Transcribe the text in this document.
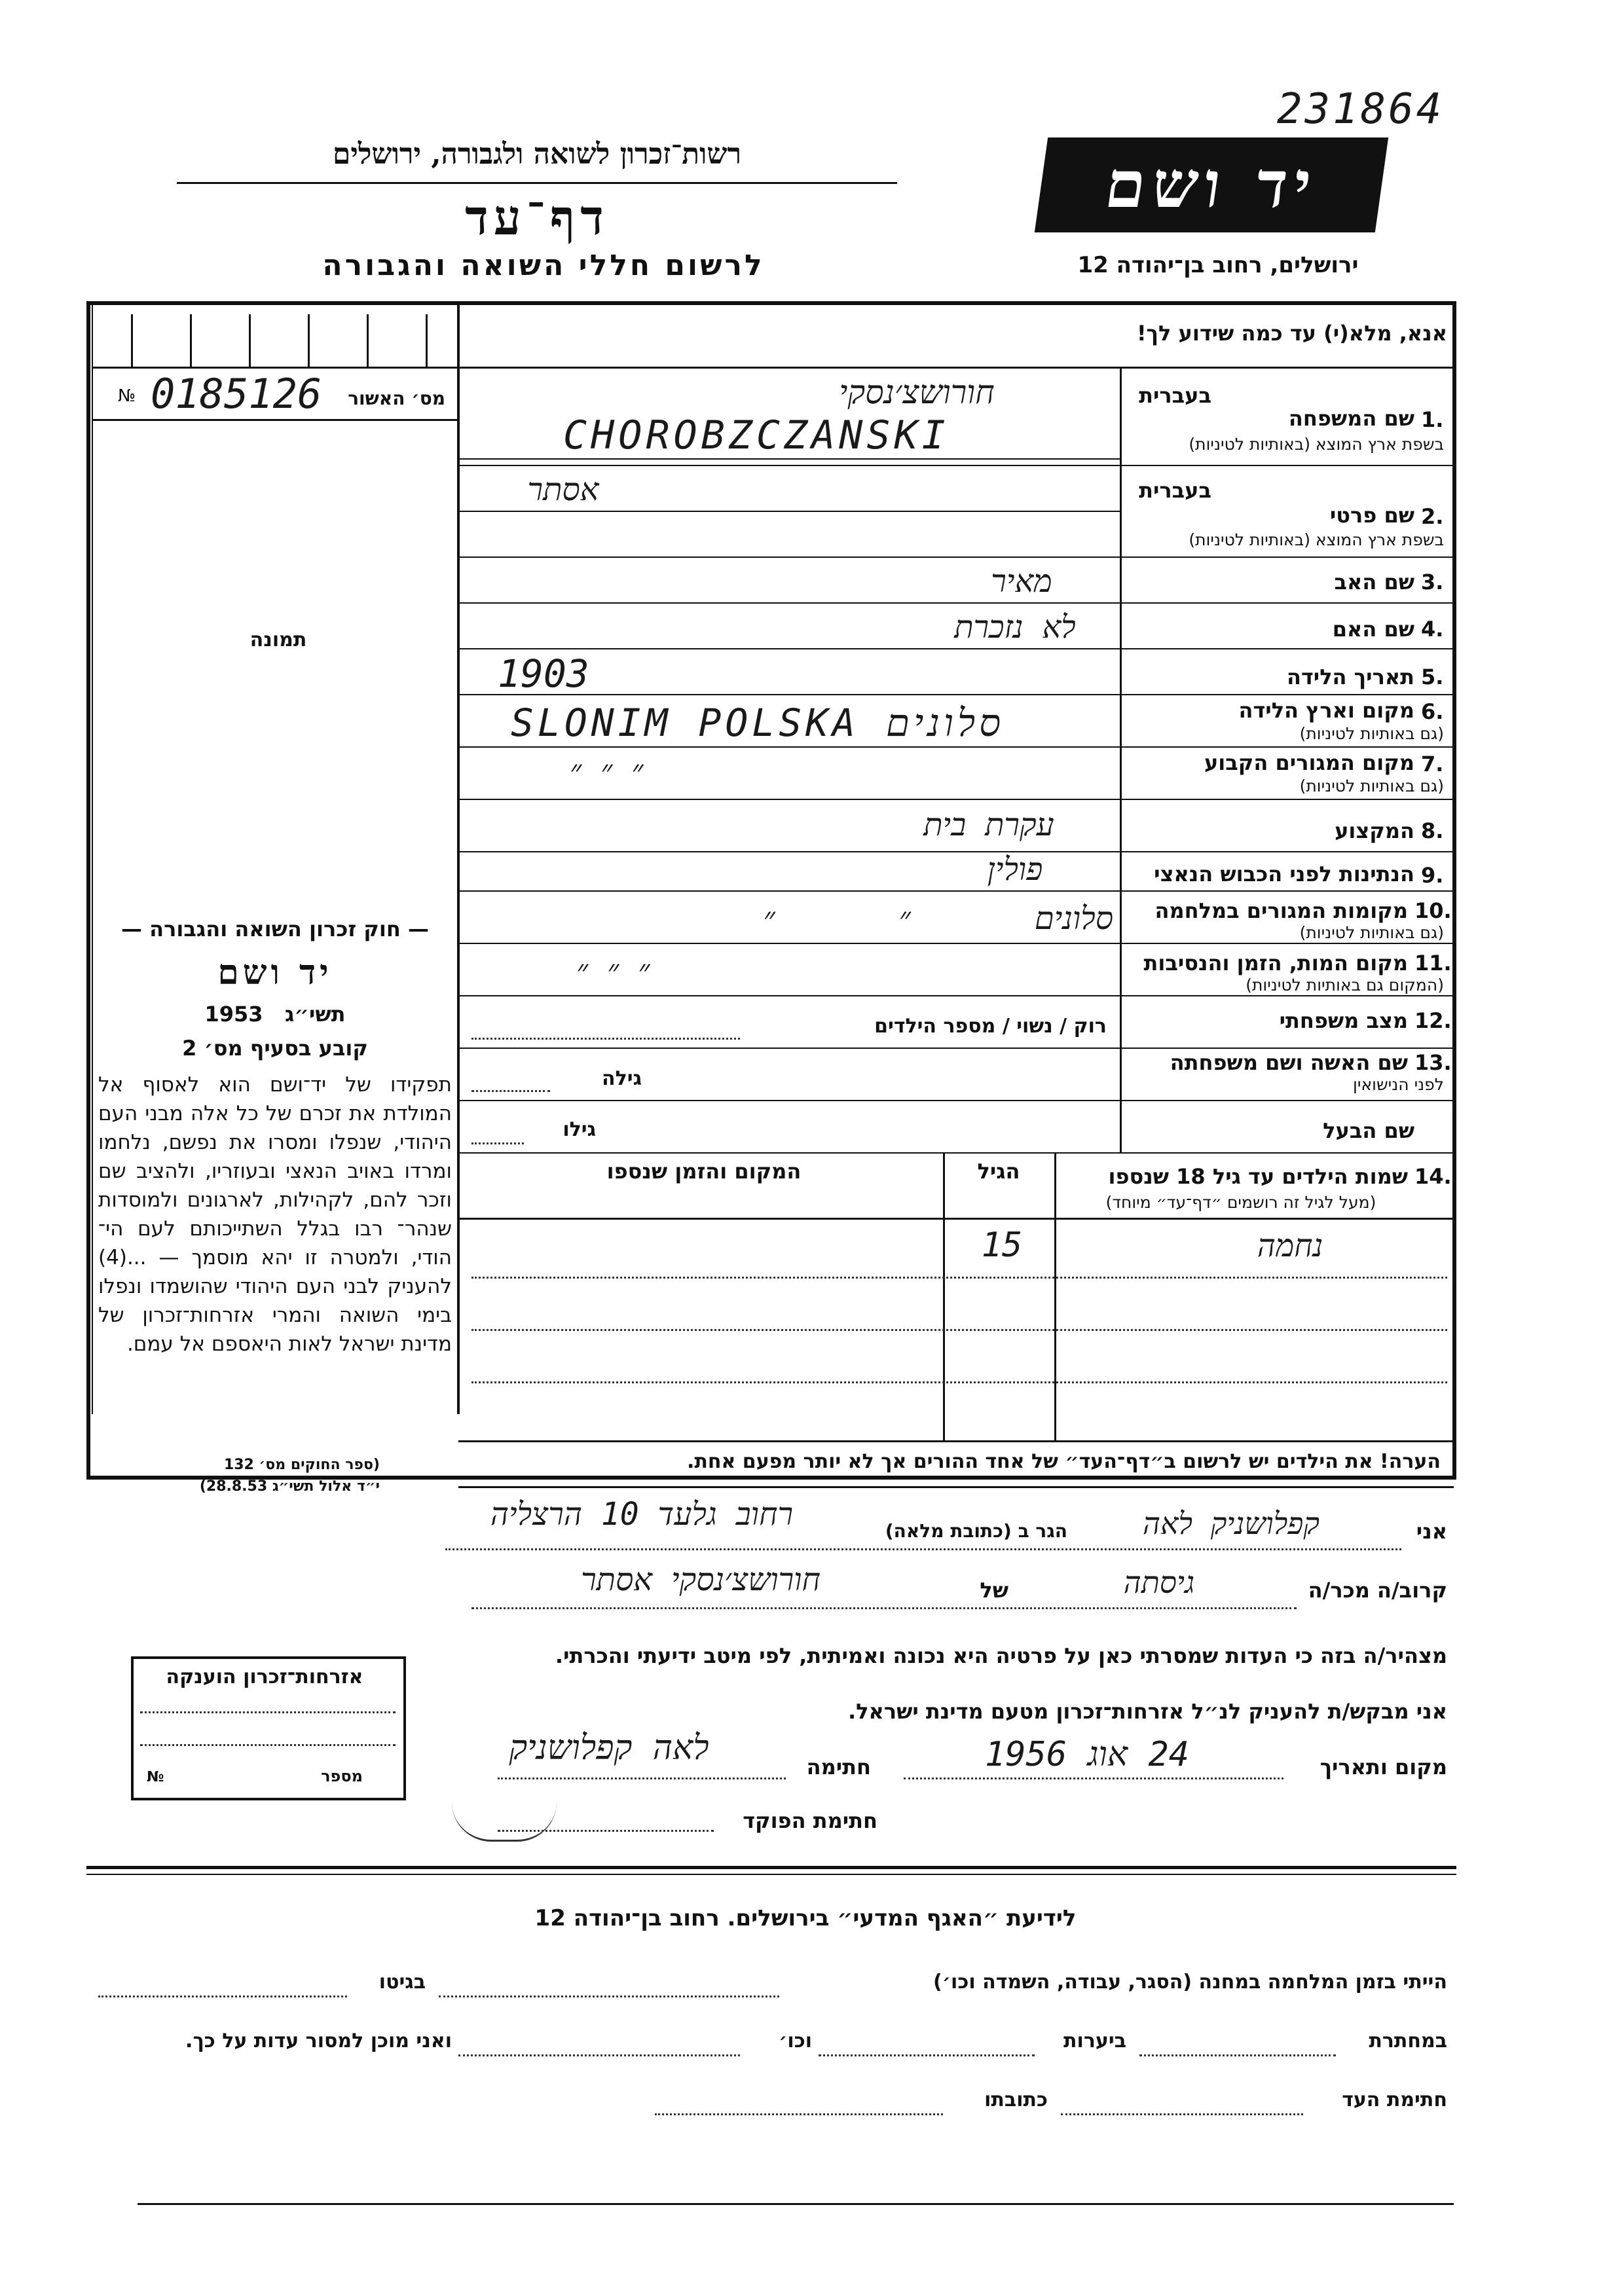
231864
רשות־זכרון לשואה ולגבורה, ירושלים
דף־עד
לרשום חללי השואה והגבורה
יד ושם
ירושלים, רחוב בן־יהודה 12
אנא, מלא(י) עד כמה שידוע לך!
№ 0185126	מס׳ האשור
תמונה
— חוק זכרון השואה והגבורה —
יד ושם
תשי״ג   1953
קובע בסעיף מס׳ 2
תפקידו של יד־ושם הוא לאסוף אל המולדת את זכרם של כל אלה מבני העם היהודי, שנפלו ומסרו את נפשם, נלחמו ומרדו באויב הנאצי ובעוזריו, ולהציב שם וזכר להם, לקהילות, לארגונים ולמוסדות שנהר־ רבו בגלל השתייכותם לעם הי־ הודי, ולמטרה זו יהא מוסמך — ...(4) להעניק לבני העם היהודי שהושמדו ונפלו בימי השואה והמרי אזרחות־זכרון של מדינת ישראל לאות היאספם אל עמם.
(ספר החוקים מס׳ 132
י״ד אלול תשי״ג 28.8.53)
אזרחות־זכרון הוענקה
מספר
№
בעברית
1.
שם המשפחה
בשפת ארץ המוצא (באותיות לטיניות)
חורושצ׳נסקי
CHOROBZCZANSKI
בעברית
2.
שם פרטי
בשפת ארץ המוצא (באותיות לטיניות)
אסתר
3.
שם האב
מאיר
4.
שם האם
לא נזכרת
5.
תאריך הלידה
1903
6.
מקום וארץ הלידה
(גם באותיות לטיניות)
SLONIM POLSKA סלונים
7.
מקום המגורים הקבוע
(גם באותיות לטיניות)
״ ״ ״
8.
המקצוע
עקרת בית
9.
הנתינות לפני הכבוש הנאצי
פולין
10.
מקומות המגורים במלחמה
(גם באותיות לטיניות)
סלונים ״ ״
11.
מקום המות, הזמן והנסיבות
(המקום גם באותיות לטיניות)
״ ״ ״
12.
מצב משפחתי
רוק / נשוי / מספר הילדים
13.
שם האשה ושם משפחתה
לפני הנישואין
גילה
שם הבעל
גילו
14.
שמות הילדים עד גיל 18 שנספו
(מעל לגיל זה רושמים ״דף־עד״ מיוחד)
הגיל
המקום והזמן שנספו
נחמה
15
הערה! את הילדים יש לרשום ב״דף־העד״ של אחד ההורים אך לא יותר מפעם אחת.
אני
קפלושניק לאה
הגר ב (כתובת מלאה)
רחוב גלעד 10 הרצליה
קרוב/ה מכר/ה
גיסתה
של
חורושצ׳נסקי אסתר
מצהיר/ה בזה כי העדות שמסרתי כאן על פרטיה היא נכונה ואמיתית, לפי מיטב ידיעתי והכרתי.
אני מבקש/ת להעניק לנ״ל אזרחות־זכרון מטעם מדינת ישראל.
מקום ותאריך
24 אוג 1956
חתימה
לאה קפלושניק
חתימת הפוקד
לידיעת ״האגף המדעי״ בירושלים. רחוב בן־יהודה 12
הייתי בזמן המלחמה במחנה (הסגר, עבודה, השמדה וכו׳)
בגיטו
במחתרת
ביערות
וכו׳
ואני מוכן למסור עדות על כך.
חתימת העד
כתובתו
